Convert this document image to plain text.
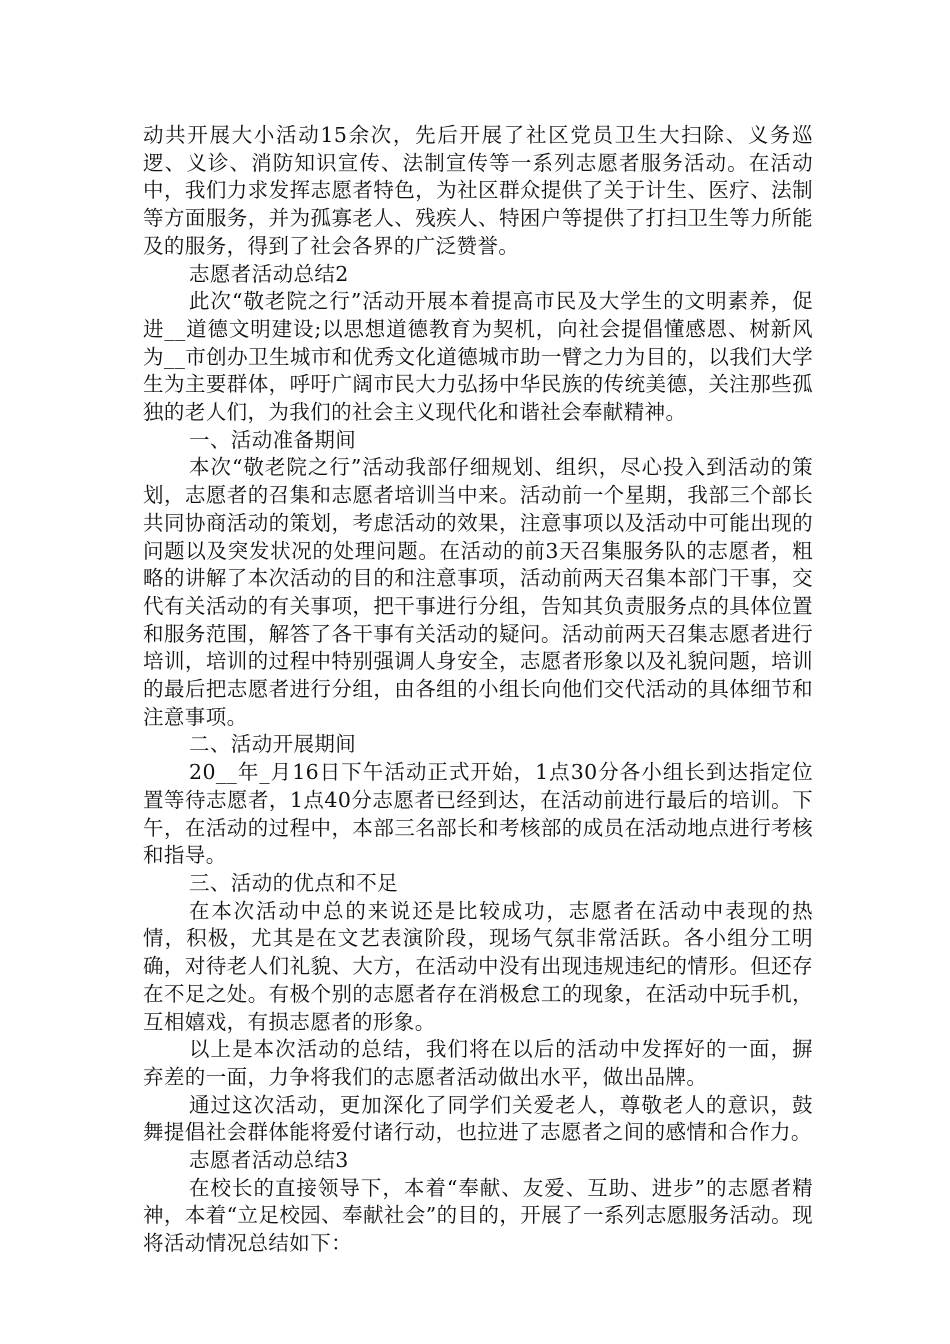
动共开展大小活动15余次，先后开展了社区党员卫生大扫除、义务巡逻、义诊、消防知识宣传、法制宣传等一系列志愿者服务活动。在活动中，我们力求发挥志愿者特色，为社区群众提供了关于计生、医疗、法制等方面服务，并为孤寡老人、残疾人、特困户等提供了打扫卫生等力所能及的服务，得到了社会各界的广泛赞誉。

志愿者活动总结2

此次“敬老院之行”活动开展本着提高市民及大学生的文明素养，促进__道德文明建设;以思想道德教育为契机，向社会提倡懂感恩、树新风为__市创办卫生城市和优秀文化道德城市助一臂之力为目的，以我们大学生为主要群体，呼吁广阔市民大力弘扬中华民族的传统美德，关注那些孤独的老人们，为我们的社会主义现代化和谐社会奉献精神。

一、活动准备期间

本次“敬老院之行”活动我部仔细规划、组织，尽心投入到活动的策划，志愿者的召集和志愿者培训当中来。活动前一个星期，我部三个部长共同协商活动的策划，考虑活动的效果，注意事项以及活动中可能出现的问题以及突发状况的处理问题。在活动的前3天召集服务队的志愿者，粗略的讲解了本次活动的目的和注意事项，活动前两天召集本部门干事，交代有关活动的有关事项，把干事进行分组，告知其负责服务点的具体位置和服务范围，解答了各干事有关活动的疑问。活动前两天召集志愿者进行培训，培训的过程中特别强调人身安全，志愿者形象以及礼貌问题，培训的最后把志愿者进行分组，由各组的小组长向他们交代活动的具体细节和注意事项。

二、活动开展期间

20__年_月16日下午活动正式开始，1点30分各小组长到达指定位置等待志愿者，1点40分志愿者已经到达，在活动前进行最后的培训。下午，在活动的过程中，本部三名部长和考核部的成员在活动地点进行考核和指导。

三、活动的优点和不足

在本次活动中总的来说还是比较成功，志愿者在活动中表现的热情，积极，尤其是在文艺表演阶段，现场气氛非常活跃。各小组分工明确，对待老人们礼貌、大方，在活动中没有出现违规违纪的情形。但还存在不足之处。有极个别的志愿者存在消极怠工的现象，在活动中玩手机，互相嬉戏，有损志愿者的形象。

以上是本次活动的总结，我们将在以后的活动中发挥好的一面，摒弃差的一面，力争将我们的志愿者活动做出水平，做出品牌。

通过这次活动，更加深化了同学们关爱老人，尊敬老人的意识，鼓舞提倡社会群体能将爱付诸行动，也拉进了志愿者之间的感情和合作力。

志愿者活动总结3

在校长的直接领导下，本着“奉献、友爱、互助、进步”的志愿者精神，本着“立足校园、奉献社会”的目的，开展了一系列志愿服务活动。现将活动情况总结如下：
